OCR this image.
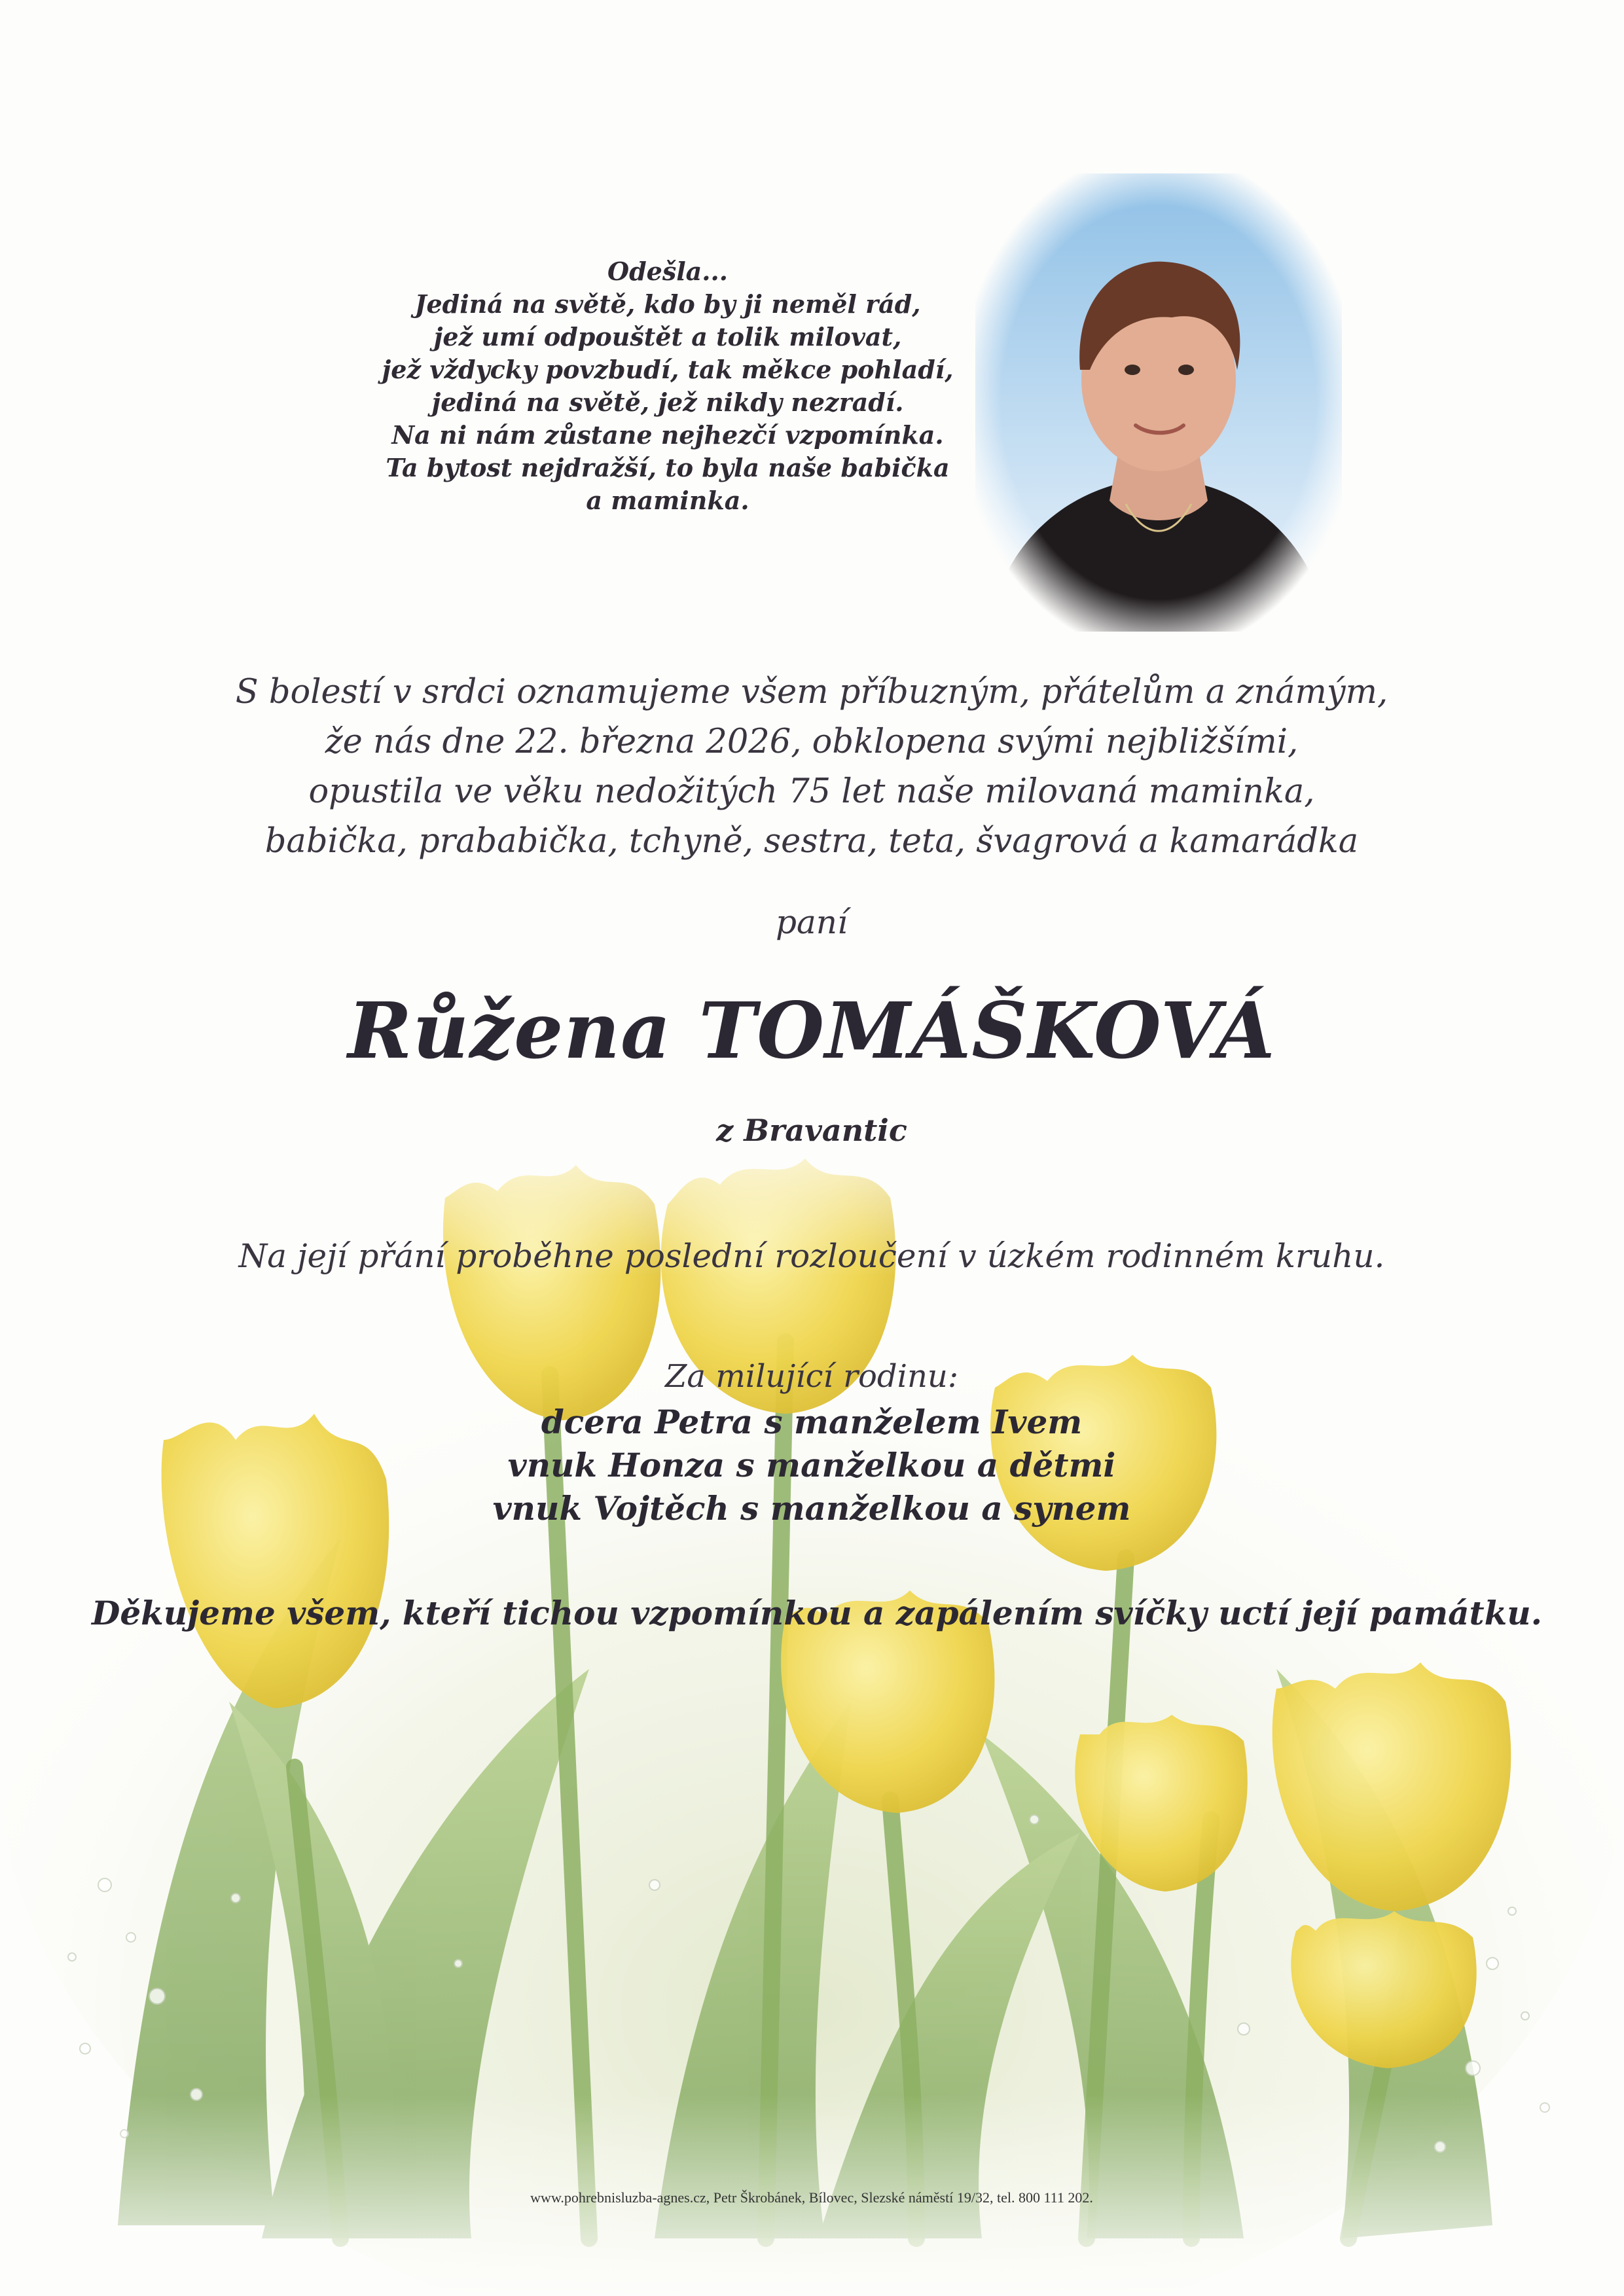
Odešla...
Jediná na světě, kdo by ji neměl rád,
jež umí odpouštět a tolik milovat,
jež vždycky povzbudí, tak měkce pohladí,
jediná na světě, jež nikdy nezradí.
Na ni nám zůstane nejhezčí vzpomínka.
Ta bytost nejdražší, to byla naše babička
a maminka.
S bolestí v srdci oznamujeme všem příbuzným, přátelům a známým,
že nás dne 22. března 2026, obklopena svými nejbližšími,
opustila ve věku nedožitých 75 let naše milovaná maminka,
babička, prababička, tchyně, sestra, teta, švagrová a kamarádka
paní
Růžena TOMÁŠKOVÁ
z Bravantic
Na její přání proběhne poslední rozloučení v úzkém rodinném kruhu.
Za milující rodinu:
dcera Petra s manželem Ivem
vnuk Honza s manželkou a dětmi
vnuk Vojtěch s manželkou a synem
Děkujeme všem, kteří tichou vzpomínkou a zapálením svíčky uctí její památku.
www.pohrebnisluzba-agnes.cz, Petr Škrobánek, Bílovec, Slezské náměstí 19/32, tel. 800 111 202.
